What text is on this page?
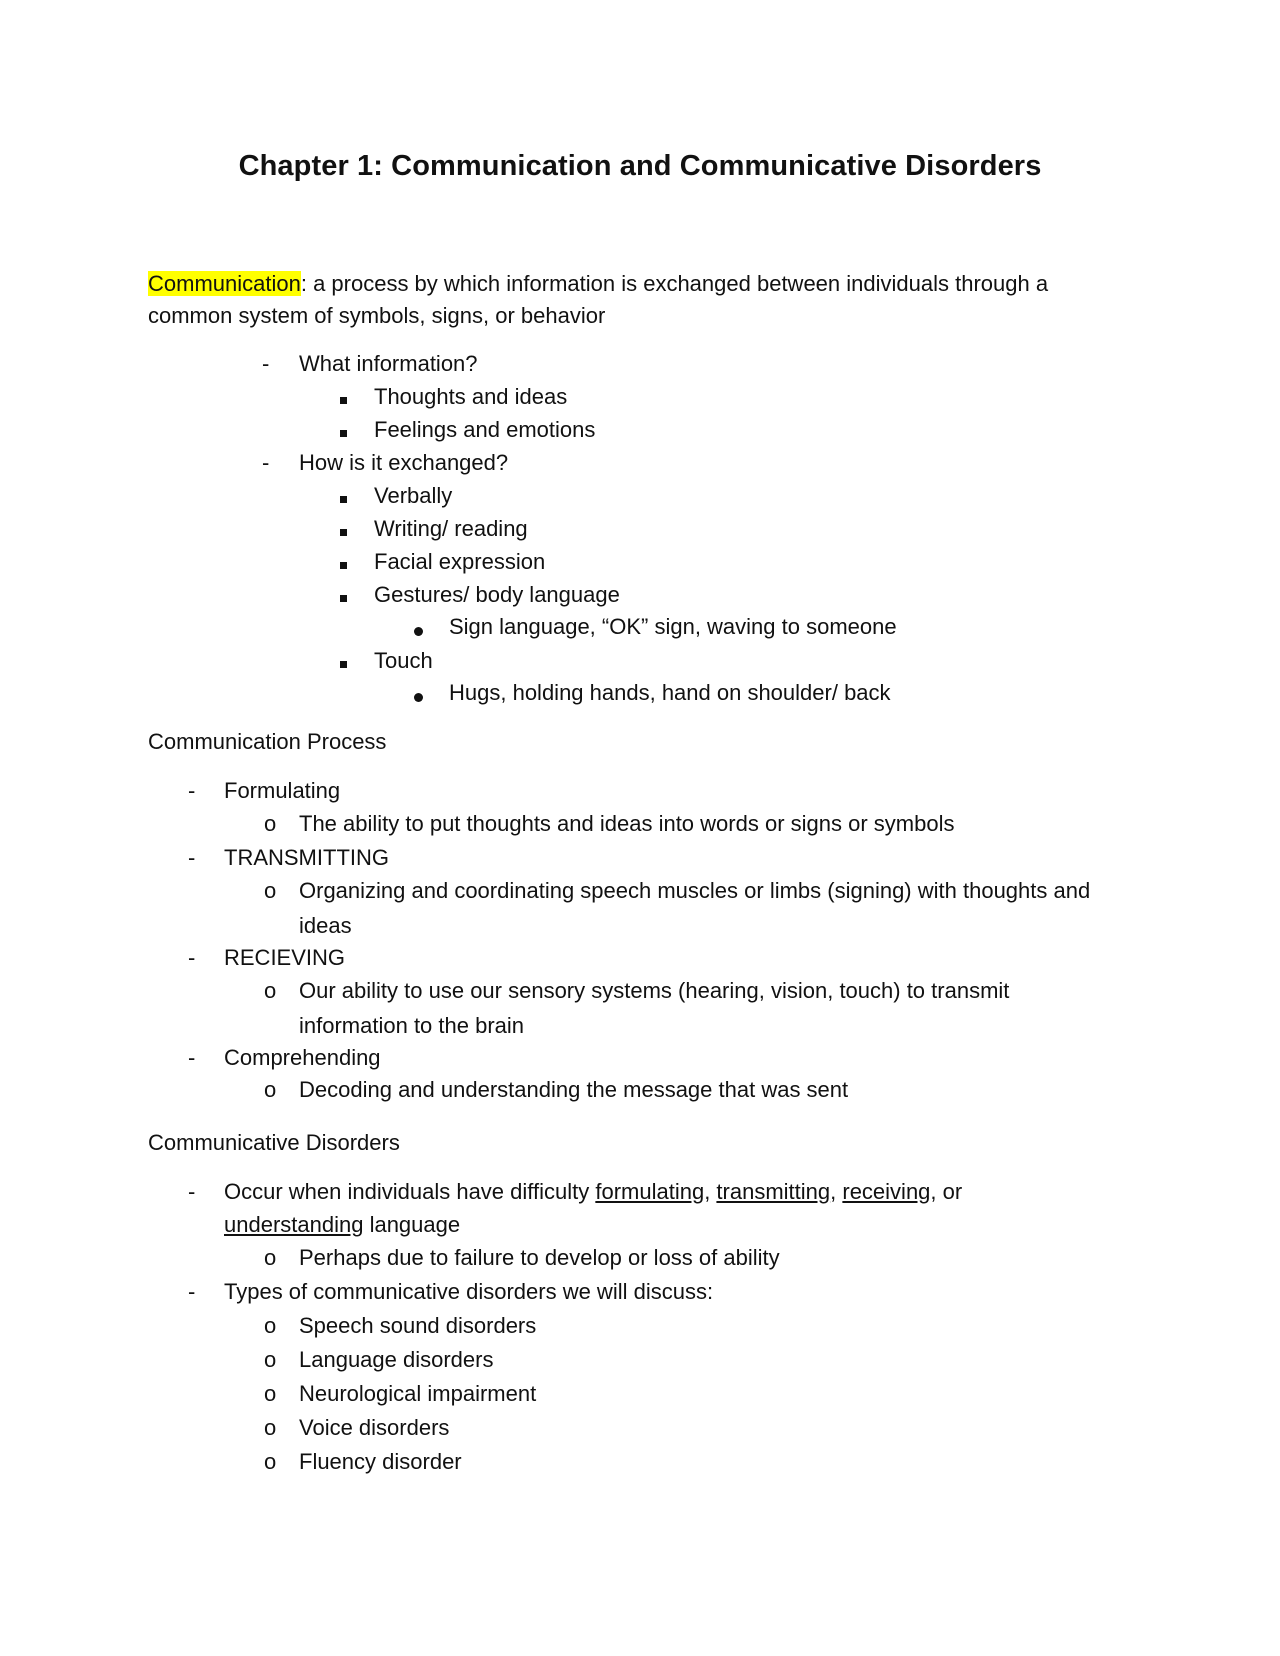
Chapter 1: Communication and Communicative Disorders
Communication: a process by which information is exchanged between individuals through a
common system of symbols, signs, or behavior
- What information?
Thoughts and ideas
Feelings and emotions
- How is it exchanged?
Verbally
Writing/ reading
Facial expression
Gestures/ body language
Sign language, “OK” sign, waving to someone
Touch
Hugs, holding hands, hand on shoulder/ back
Communication Process
- Formulating
o The ability to put thoughts and ideas into words or signs or symbols
- TRANSMITTING
o Organizing and coordinating speech muscles or limbs (signing) with thoughts and
ideas
- RECIEVING
o Our ability to use our sensory systems (hearing, vision, touch) to transmit
information to the brain
- Comprehending
o Decoding and understanding the message that was sent
Communicative Disorders
- Occur when individuals have difficulty formulating, transmitting, receiving, or
understanding language
o Perhaps due to failure to develop or loss of ability
- Types of communicative disorders we will discuss:
o Speech sound disorders
o Language disorders
o Neurological impairment
o Voice disorders
o Fluency disorder
